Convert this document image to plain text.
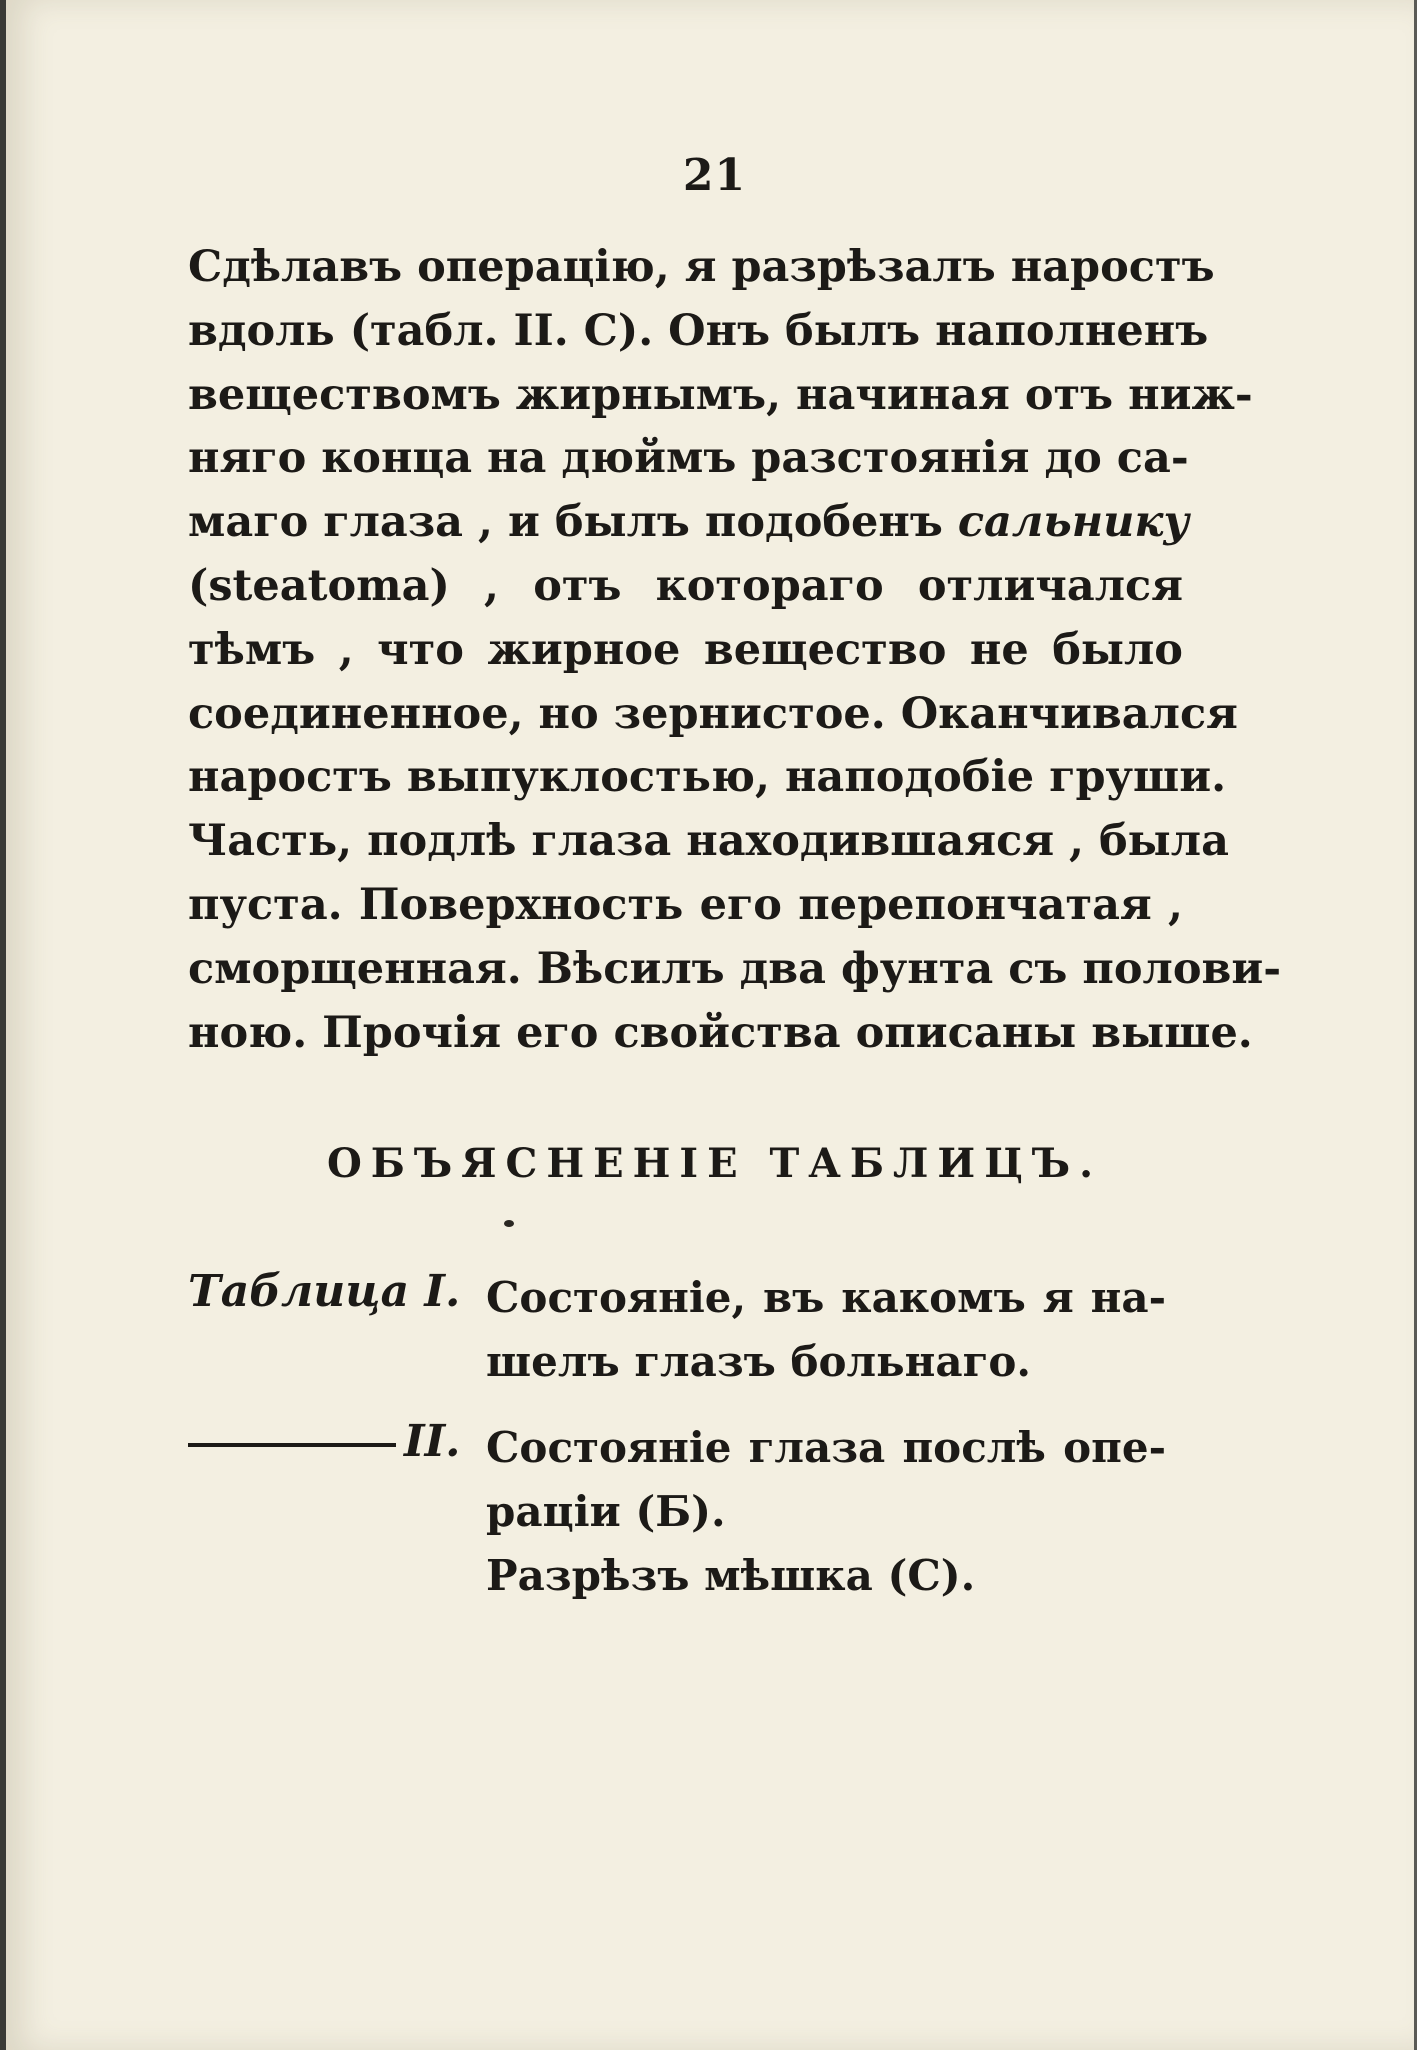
21
Сдѣлавъ операцію, я разрѣзалъ наростъ
вдоль (табл. II. С). Онъ былъ наполненъ
веществомъ жирнымъ, начиная отъ ниж-
няго конца на дюймъ разстоянія до са-
маго глаза , и былъ подобенъ сальнику
(steatoma) , отъ котораго отличался
тѣмъ , что жирное вещество не было
соединенное, но зернистое. Оканчивался
наростъ выпуклостью, наподобіе груши.
Часть, подлѣ глаза находившаяся , была
пуста. Поверхность его перепончатая ,
сморщенная. Вѣсилъ два фунта съ полови-
ною. Прочія его свойства описаны выше.
ОБЪЯСНЕНІЕ ТАБЛИЦЪ.
Таблица I. Состояніе, въ какомъ я на-
шелъ глазъ больнаго.
II. Состояніе глаза послѣ опе-
раціи (Б).
Разрѣзъ мѣшка (С).
